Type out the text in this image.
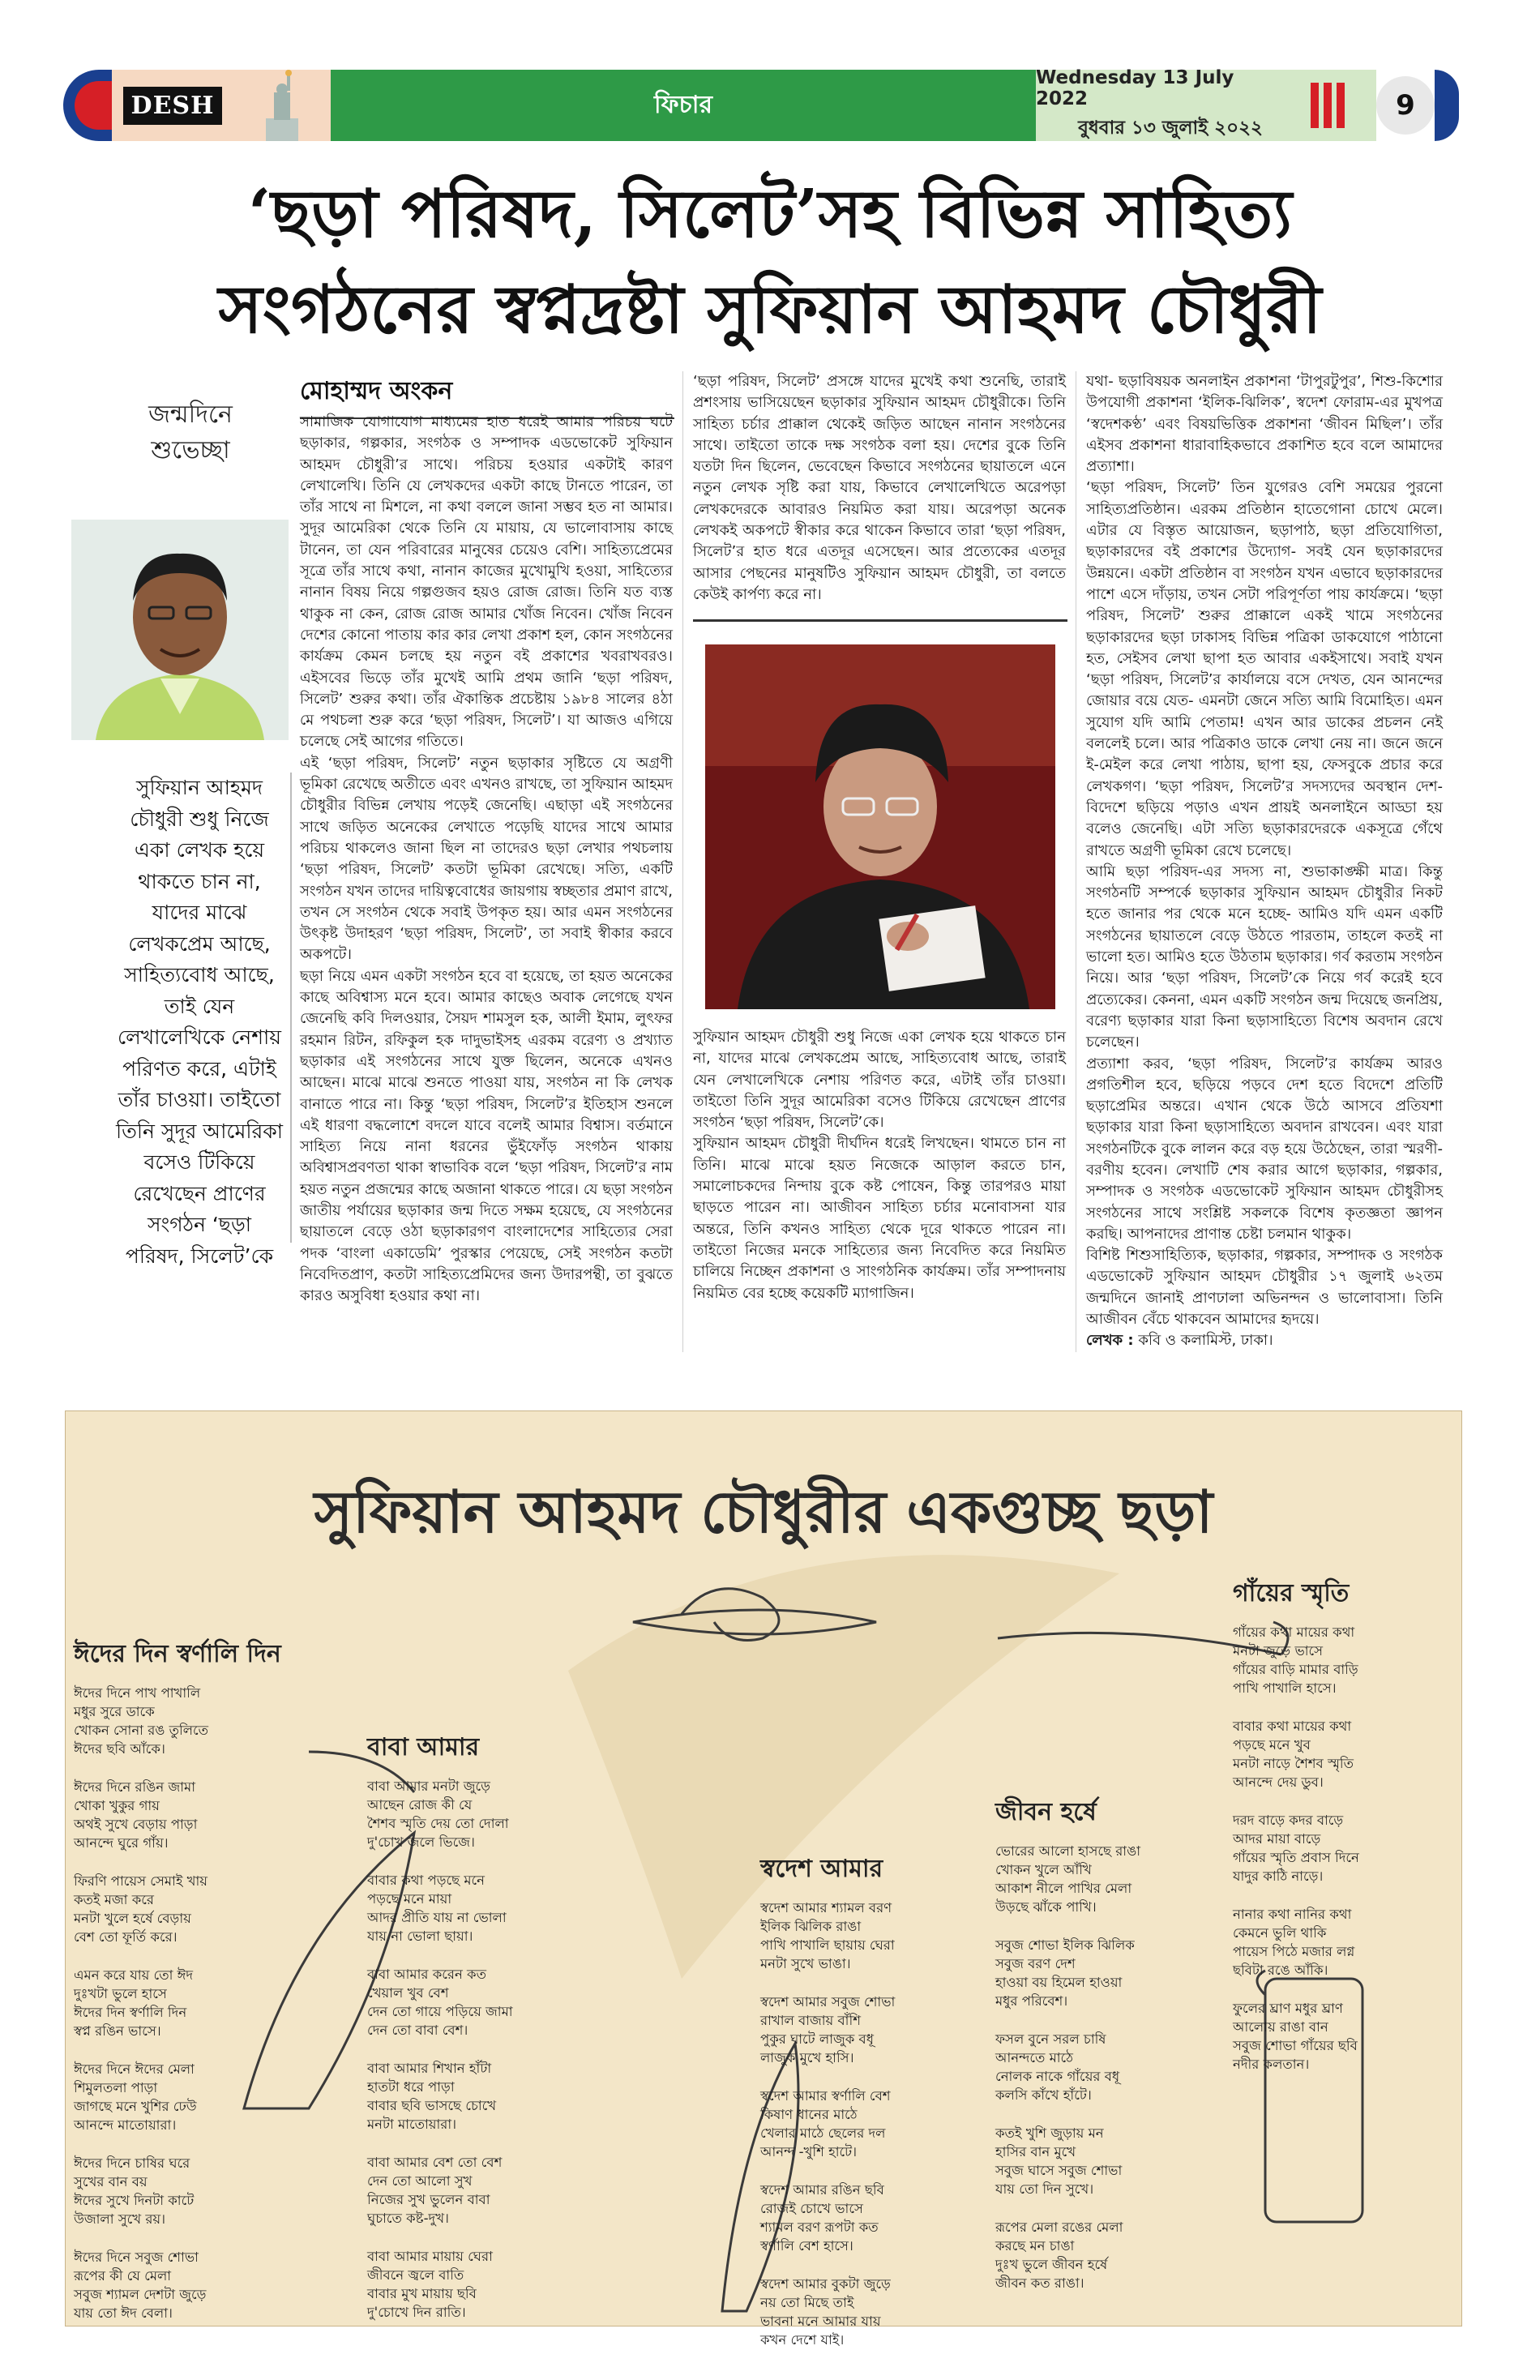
DESH	ফিচার
Wednesday 13 July 2022
বুধবার ১৩ জুলাই ২০২২
9
‘ছড়া পরিষদ, সিলেট’সহ বিভিন্ন সাহিত্য
সংগঠনের স্বপ্নদ্রষ্টা সুফিয়ান আহমদ চৌধুরী
জন্মদিনে
শুভেচ্ছা
সুফিয়ান আহমদ চৌধুরী শুধু নিজে একা লেখক হয়ে থাকতে চান না, যাদের মাঝে লেখকপ্রেম আছে, সাহিত্যবোধ আছে, তাই যেন লেখালেখিকে নেশায় পরিণত করে, এটাই তাঁর চাওয়া। তাইতো তিনি সুদূর আমেরিকা বসেও টিকিয়ে রেখেছেন প্রাণের সংগঠন ‘ছড়া পরিষদ, সিলেট’কে
মোহাম্মদ অংকন

সামাজিক যোগাযোগ মাধ্যমের হাত ধরেই আমার পরিচয় ঘটে ছড়াকার, গল্পকার, সংগঠক ও সম্পাদক এডভোকেট সুফিয়ান আহমদ চৌধুরী’র সাথে। পরিচয় হওয়ার একটাই কারণ লেখালেখি। তিনি যে লেখকদের একটা কাছে টানতে পারেন, তা তাঁর সাথে না মিশলে, না কথা বললে জানা সম্ভব হত না আমার। সুদূর আমেরিকা থেকে তিনি যে মায়ায়, যে ভালোবাসায় কাছে টানেন, তা যেন পরিবারের মানুষের চেয়েও বেশি। সাহিত্যপ্রেমের সূত্রে তাঁর সাথে কথা, নানান কাজের মুখোমুখি হওয়া, সাহিত্যের নানান বিষয় নিয়ে গল্পগুজব হয়ও রোজ রোজ। তিনি যত ব্যস্ত থাকুক না কেন, রোজ রোজ আমার খোঁজ নিবেন। খোঁজ নিবেন দেশের কোনো পাতায় কার কার লেখা প্রকাশ হল, কোন সংগঠনের কার্যক্রম কেমন চলছে হয় নতুন বই প্রকাশের খবরাখবরও। এইসবের ভিড়ে তাঁর মুখেই আমি প্রথম জানি ‘ছড়া পরিষদ, সিলেট’ শুরুর কথা। তাঁর ঐকান্তিক প্রচেষ্টায় ১৯৮৪ সালের ৪ঠা মে পথচলা শুরু করে ‘ছড়া পরিষদ, সিলেট’। যা আজও এগিয়ে চলেছে সেই আগের গতিতে।

এই ‘ছড়া পরিষদ, সিলেট’ নতুন ছড়াকার সৃষ্টিতে যে অগ্রণী ভূমিকা রেখেছে অতীতে এবং এখনও রাখছে, তা সুফিয়ান আহমদ চৌধুরীর বিভিন্ন লেখায় পড়েই জেনেছি। এছাড়া এই সংগঠনের সাথে জড়িত অনেকের লেখাতে পড়েছি যাদের সাথে আমার পরিচয় থাকলেও জানা ছিল না তাদেরও ছড়া লেখার পথচলায় ‘ছড়া পরিষদ, সিলেট’ কতটা ভূমিকা রেখেছে। সত্যি, একটি সংগঠন যখন তাদের দায়িত্ববোধের জায়গায় স্বচ্ছতার প্রমাণ রাখে, তখন সে সংগঠন থেকে সবাই উপকৃত হয়। আর এমন সংগঠনের উৎকৃষ্ট উদাহরণ ‘ছড়া পরিষদ, সিলেট’, তা সবাই স্বীকার করবে অকপটে।

ছড়া নিয়ে এমন একটা সংগঠন হবে বা হয়েছে, তা হয়ত অনেকের কাছে অবিশ্বাস্য মনে হবে। আমার কাছেও অবাক লেগেছে যখন জেনেছি কবি দিলওয়ার, সৈয়দ শামসুল হক, আলী ইমাম, লুৎফর রহমান রিটন, রফিকুল হক দাদুভাইসহ এরকম বরেণ্য ও প্রখ্যাত ছড়াকার এই সংগঠনের সাথে যুক্ত ছিলেন, অনেকে এখনও আছেন। মাঝে মাঝে শুনতে পাওয়া যায়, সংগঠন না কি লেখক বানাতে পারে না। কিন্তু ‘ছড়া পরিষদ, সিলেট’র ইতিহাস শুনলে এই ধারণা বদ্ধলোশে বদলে যাবে বলেই আমার বিশ্বাস। বর্তমানে সাহিত্য নিয়ে নানা ধরনের ভুঁইফোঁড় সংগঠন থাকায় অবিশ্বাসপ্রবণতা থাকা স্বাভাবিক বলে ‘ছড়া পরিষদ, সিলেট’র নাম হয়ত নতুন প্রজন্মের কাছে অজানা থাকতে পারে। যে ছড়া সংগঠন জাতীয় পর্যায়ের ছড়াকার জন্ম দিতে সক্ষম হয়েছে, যে সংগঠনের ছায়াতলে বেড়ে ওঠা ছড়াকারগণ বাংলাদেশের সাহিত্যের সেরা পদক ‘বাংলা একাডেমি’ পুরস্কার পেয়েছে, সেই সংগঠন কতটা নিবেদিতপ্রাণ, কতটা সাহিত্যপ্রেমিদের জন্য উদারপন্থী, তা বুঝতে কারও অসুবিধা হওয়ার কথা না।

‘ছড়া পরিষদ, সিলেট’ প্রসঙ্গে যাদের মুখেই কথা শুনেছি, তারাই প্রশংসায় ভাসিয়েছেন ছড়াকার সুফিয়ান আহমদ চৌধুরীকে। তিনি সাহিত্য চর্চার প্রাক্কাল থেকেই জড়িত আছেন নানান সংগঠনের সাথে। তাইতো তাকে দক্ষ সংগঠক বলা হয়। দেশের বুকে তিনি যতটা দিন ছিলেন, ভেবেছেন কিভাবে সংগঠনের ছায়াতলে এনে নতুন লেখক সৃষ্টি করা যায়, কিভাবে লেখালেখিতে অরেপড়া লেখকদেরকে আবারও নিয়মিত করা যায়। অরেপড়া অনেক লেখকই অকপটে স্বীকার করে থাকেন কিভাবে তারা ‘ছড়া পরিষদ, সিলেট’র হাত ধরে এতদূর এসেছেন। আর প্রত্যেকের এতদূর আসার পেছনের মানুষটিও সুফিয়ান আহমদ চৌধুরী, তা বলতে কেউই কার্পণ্য করে না।

সুফিয়ান আহমদ চৌধুরী শুধু নিজে একা লেখক হয়ে থাকতে চান না, যাদের মাঝে লেখকপ্রেম আছে, সাহিত্যবোধ আছে, তারাই যেন লেখালেখিকে নেশায় পরিণত করে, এটাই তাঁর চাওয়া। তাইতো তিনি সুদূর আমেরিকা বসেও টিকিয়ে রেখেছেন প্রাণের সংগঠন ‘ছড়া পরিষদ, সিলেট’কে।

সুফিয়ান আহমদ চৌধুরী দীর্ঘদিন ধরেই লিখছেন। থামতে চান না তিনি। মাঝে মাঝে হয়ত নিজেকে আড়াল করতে চান, সমালোচকদের নিন্দায় বুকে কষ্ট পোষেন, কিন্তু তারপরও মায়া ছাড়তে পারেন না। আজীবন সাহিত্য চর্চার মনোবাসনা যার অন্তরে, তিনি কখনও সাহিত্য থেকে দূরে থাকতে পারেন না। তাইতো নিজের মনকে সাহিত্যের জন্য নিবেদিত করে নিয়মিত চালিয়ে নিচ্ছেন প্রকাশনা ও সাংগঠনিক কার্যক্রম। তাঁর সম্পাদনায় নিয়মিত বের হচ্ছে কয়েকটি ম্যাগাজিন।

যথা- ছড়াবিষয়ক অনলাইন প্রকাশনা ‘টাপুরটুপুর’, শিশু-কিশোর উপযোগী প্রকাশনা ‘ইলিক-ঝিলিক’, স্বদেশ ফোরাম-এর মুখপত্র ‘স্বদেশকণ্ঠ’ এবং বিষয়ভিত্তিক প্রকাশনা ‘জীবন মিছিল’। তাঁর এইসব প্রকাশনা ধারাবাহিকভাবে প্রকাশিত হবে বলে আমাদের প্রত্যাশা।

‘ছড়া পরিষদ, সিলেট’ তিন যুগেরও বেশি সময়ের পুরনো সাহিত্যপ্রতিষ্ঠান। এরকম প্রতিষ্ঠান হাতেগোনা চোখে মেলে। এটার যে বিস্তৃত আয়োজন, ছড়াপাঠ, ছড়া প্রতিযোগিতা, ছড়াকারদের বই প্রকাশের উদ্যোগ- সবই যেন ছড়াকারদের উন্নয়নে। একটা প্রতিষ্ঠান বা সংগঠন যখন এভাবে ছড়াকারদের পাশে এসে দাঁড়ায়, তখন সেটা পরিপূর্ণতা পায় কার্যক্রমে। ‘ছড়া পরিষদ, সিলেট’ শুরুর প্রাক্কালে একই খামে সংগঠনের ছড়াকারদের ছড়া ঢাকাসহ বিভিন্ন পত্রিকা ডাকযোগে পাঠানো হত, সেইসব লেখা ছাপা হত আবার একইসাথে। সবাই যখন ‘ছড়া পরিষদ, সিলেট’র কার্যালয়ে বসে দেখত, যেন আনন্দের জোয়ার বয়ে যেত- এমনটা জেনে সত্যি আমি বিমোহিত। এমন সুযোগ যদি আমি পেতাম! এখন আর ডাকের প্রচলন নেই বললেই চলে। আর পত্রিকাও ডাকে লেখা নেয় না। জনে জনে ই-মেইল করে লেখা পাঠায়, ছাপা হয়, ফেসবুকে প্রচার করে লেখকগণ। ‘ছড়া পরিষদ, সিলেট’র সদস্যদের অবস্থান দেশ-বিদেশে ছড়িয়ে পড়াও এখন প্রায়ই অনলাইনে আড্ডা হয় বলেও জেনেছি। এটা সত্যি ছড়াকারদেরকে একসূত্রে গেঁথে রাখতে অগ্রণী ভূমিকা রেখে চলেছে।

আমি ছড়া পরিষদ-এর সদস্য না, শুভাকাঙ্ক্ষী মাত্র। কিন্তু সংগঠনটি সম্পর্কে ছড়াকার সুফিয়ান আহমদ চৌধুরীর নিকট হতে জানার পর থেকে মনে হচ্ছে- আমিও যদি এমন একটি সংগঠনের ছায়াতলে বেড়ে উঠতে পারতাম, তাহলে কতই না ভালো হত। আমিও হতে উঠতাম ছড়াকার। গর্ব করতাম সংগঠন নিয়ে। আর ‘ছড়া পরিষদ, সিলেট’কে নিয়ে গর্ব করেই হবে প্রত্যেকের। কেননা, এমন একটি সংগঠন জন্ম দিয়েছে জনপ্রিয়, বরেণ্য ছড়াকার যারা কিনা ছড়াসাহিত্যে বিশেষ অবদান রেখে চলেছেন।

প্রত্যাশা করব, ‘ছড়া পরিষদ, সিলেট’র কার্যক্রম আরও প্রগতিশীল হবে, ছড়িয়ে পড়বে দেশ হতে বিদেশে প্রতিটি ছড়াপ্রেমির অন্তরে। এখান থেকে উঠে আসবে প্রতিযশা ছড়াকার যারা কিনা ছড়াসাহিত্যে অবদান রাখবেন। এবং যারা সংগঠনটিকে বুকে লালন করে বড় হয়ে উঠেছেন, তারা স্মরণী-বরণীয় হবেন। লেখাটি শেষ করার আগে ছড়াকার, গল্পকার, সম্পাদক ও সংগঠক এডভোকেট সুফিয়ান আহমদ চৌধুরীসহ সংগঠনের সাথে সংশ্লিষ্ট সকলকে বিশেষ কৃতজ্ঞতা জ্ঞাপন করছি। আপনাদের প্রাণান্ত চেষ্টা চলমান থাকুক।

বিশিষ্ট শিশুসাহিত্যিক, ছড়াকার, গল্পকার, সম্পাদক ও সংগঠক এডভোকেট সুফিয়ান আহমদ চৌধুরীর ১৭ জুলাই ৬২তম জন্মদিনে জানাই প্রাণঢালা অভিনন্দন ও ভালোবাসা। তিনি আজীবন বেঁচে থাকবেন আমাদের হৃদয়ে।

লেখক : কবি ও কলামিস্ট, ঢাকা।

সুফিয়ান আহমদ চৌধুরীর একগুচ্ছ ছড়া
ঈদের দিন স্বর্ণালি দিন
ঈদের দিনে পাখ পাখালি
মধুর সুরে ডাকে
খোকন সোনা রঙ তুলিতে
ঈদের ছবি আঁকে।
ঈদের দিনে রঙিন জামা
খোকা খুকুর গায়
অথই সুখে বেড়ায় পাড়া
আনন্দে ঘুরে গাঁয়।
ফিরণি পায়েস সেমাই খায়
কতই মজা করে
মনটা খুলে হর্ষে বেড়ায়
বেশ তো ফূর্তি করে।
এমন করে যায় তো ঈদ
দুঃখটা ভুলে হাসে
ঈদের দিন স্বর্ণালি দিন
স্বপ্ন রঙিন ভাসে।
ঈদের দিনে ঈদের মেলা
শিমুলতলা পাড়া
জাগছে মনে খুশির ঢেউ
আনন্দে মাতোয়ারা।
ঈদের দিনে চাষির ঘরে
সুখের বান বয়
ঈদের সুখে দিনটা কাটে
উজালা সুখে রয়।
ঈদের দিনে সবুজ শোভা
রূপের কী যে মেলা
সবুজ শ্যামল দেশটা জুড়ে
যায় তো ঈদ বেলা।
বাবা আমার
বাবা আমার মনটা জুড়ে
আছেন রোজ কী যে
শৈশব স্মৃতি দেয় তো দোলা
দু'চোখ জলে ভিজে।
বাবার কথা পড়ছে মনে
পড়ছে মনে মায়া
আদর প্রীতি যায় না ভোলা
যায় না ভোলা ছায়া।
বাবা আমার করেন কত
খেয়াল খুব বেশ
দেন তো গায়ে পড়িয়ে জামা
দেন তো বাবা বেশ।
বাবা আমার শিখান হাঁটা
হাতটা ধরে পাড়া
বাবার ছবি ভাসছে চোখে
মনটা মাতোয়ারা।
বাবা আমার বেশ তো বেশ
দেন তো আলো সুখ
নিজের সুখ ভুলেন বাবা
ঘুচাতে কষ্ট-দুখ।
বাবা আমার মায়ায় ঘেরা
জীবনে জ্বলে বাতি
বাবার মুখ মায়ায় ছবি
দু'চোখে দিন রাতি।
স্বদেশ আমার
স্বদেশ আমার শ্যামল বরণ
ইলিক ঝিলিক রাঙা
পাখি পাখালি ছায়ায় ঘেরা
মনটা সুখে ভাঙা।
স্বদেশ আমার সবুজ শোভা
রাখাল বাজায় বাঁশি
পুকুর ঘাটে লাজুক বধূ
লাজুক মুখে হাসি।
স্বদেশ আমার স্বর্ণালি বেশ
কিষাণ ধানের মাঠে
খেলার মাঠে ছেলের দল
আনন্দ -খুশি হাটে।
স্বদেশ আমার রঙিন ছবি
রোজই চোখে ভাসে
শ্যামল বরণ রূপটা কত
স্বর্ণালি বেশ হাসে।
স্বদেশ আমার বুকটা জুড়ে
নয় তো মিছে তাই
ভাবনা মনে আমার যায়
কখন দেশে যাই।
জীবন হর্ষে
ভোরের আলো হাসছে রাঙা
খোকন খুলে আঁখি
আকাশ নীলে পাখির মেলা
উড়ছে ঝাঁকে পাখি।
সবুজ শোভা ইলিক ঝিলিক
সবুজ বরণ দেশ
হাওয়া বয় হিমেল হাওয়া
মধুর পরিবেশ।
ফসল বুনে সরল চাষি
আনন্দতে মাঠে
নোলক নাকে গাঁয়ের বধূ
কলসি কাঁখে হাঁটে।
কতই খুশি জুড়ায় মন
হাসির বান মুখে
সবুজ ঘাসে সবুজ শোভা
যায় তো দিন সুখে।
রূপের মেলা রঙের মেলা
করছে মন চাঙা
দুঃখ ভুলে জীবন হর্ষে
জীবন কত রাঙা।
গাঁয়ের স্মৃতি
গাঁয়ের কথা মায়ের কথা
মনটা জুড়ে ভাসে
গাঁয়ের বাড়ি মামার বাড়ি
পাখি পাখালি হাসে।
বাবার কথা মায়ের কথা
পড়ছে মনে খুব
মনটা নাড়ে শৈশব স্মৃতি
আনন্দে দেয় ডুব।
দরদ বাড়ে কদর বাড়ে
আদর মায়া বাড়ে
গাঁয়ের স্মৃতি প্রবাস দিনে
যাদুর কাঠি নাড়ে।
নানার কথা নানির কথা
কেমনে ভুলি থাকি
পায়েস পিঠে মজার লগ্ন
ছবিটা রঙে আঁকি।
ফুলের ঘ্রাণ মধুর ঘ্রাণ
আলোয় রাঙা বান
সবুজ শোভা গাঁয়ের ছবি
নদীর কলতান।
